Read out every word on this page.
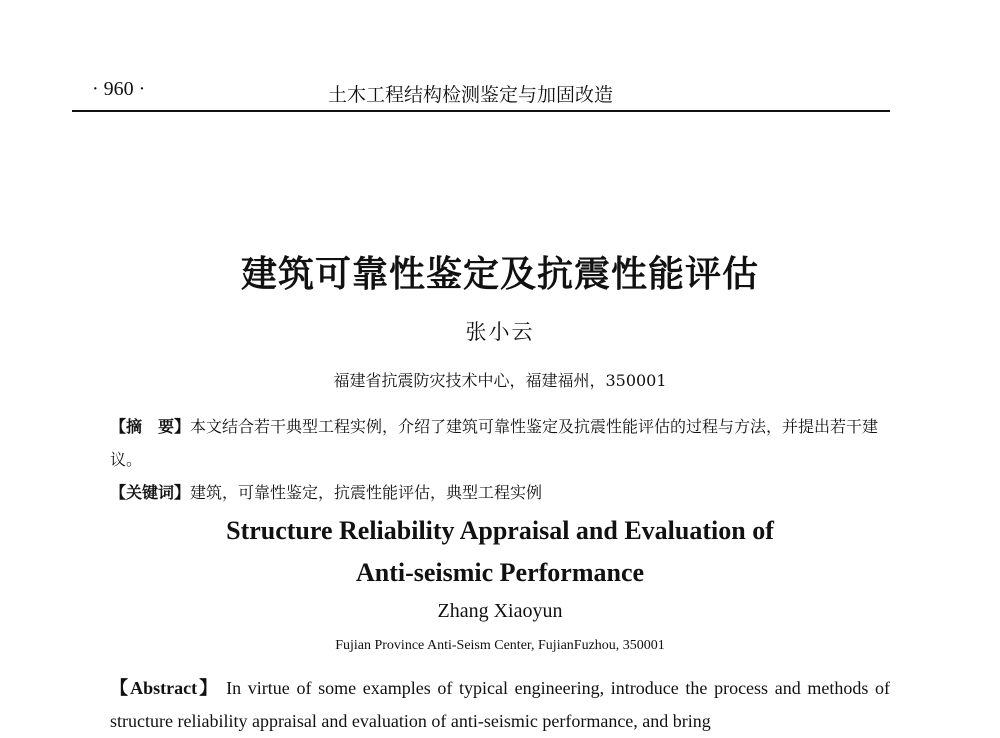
· 960 ·	土木工程结构检测鉴定与加固改造
建筑可靠性鉴定及抗震性能评估
张小云
福建省抗震防灾技术中心，福建福州，350001
【摘　要】本文结合若干典型工程实例，介绍了建筑可靠性鉴定及抗震性能评估的过程与方法，并提出若干建议。
【关键词】建筑，可靠性鉴定，抗震性能评估，典型工程实例
Structure Reliability Appraisal and Evaluation of
Anti-seismic Performance
Zhang Xiaoyun
Fujian Province Anti-Seism Center, FujianFuzhou, 350001
【Abstract】 In virtue of some examples of typical engineering, introduce the process and methods of structure reliability appraisal and evaluation of anti-seismic performance, and bring
